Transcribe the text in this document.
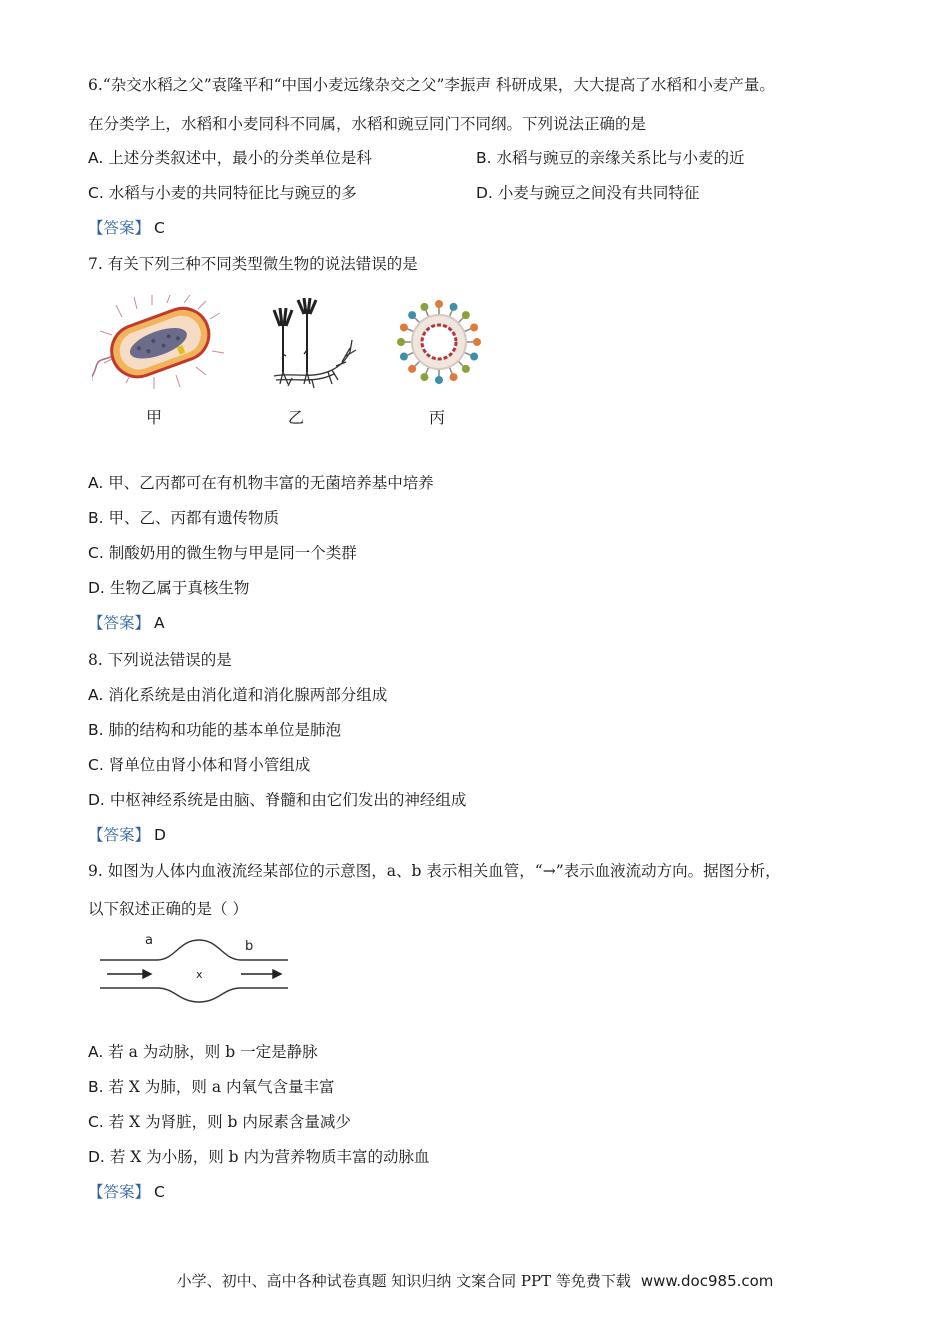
6.“杂交水稻之父”袁隆平和“中国小麦远缘杂交之父”李振声 科研成果，大大提高了水稻和小麦产量。
在分类学上，水稻和小麦同科不同属，水稻和豌豆同门不同纲。下列说法正确的是
A. 上述分类叙述中，最小的分类单位是科	B. 水稻与豌豆的亲缘关系比与小麦的近
C. 水稻与小麦的共同特征比与豌豆的多	D. 小麦与豌豆之间没有共同特征
【答案】 C
7. 有关下列三种不同类型微生物的说法错误的是
甲	乙	丙
A. 甲、乙丙都可在有机物丰富的无菌培养基中培养
B. 甲、乙、丙都有遗传物质
C. 制酸奶用的微生物与甲是同一个类群
D. 生物乙属于真核生物
【答案】 A
8. 下列说法错误的是
A. 消化系统是由消化道和消化腺两部分组成
B. 肺的结构和功能的基本单位是肺泡
C. 肾单位由肾小体和肾小管组成
D. 中枢神经系统是由脑、脊髓和由它们发出的神经组成
【答案】 D
9. 如图为人体内血液流经某部位的示意图，a、b 表示相关血管，“→”表示血液流动方向。据图分析，
以下叙述正确的是（ ）
a	b
x
A. 若 a 为动脉，则 b 一定是静脉
B. 若 X 为肺，则 a 内氧气含量丰富
C. 若 X 为肾脏，则 b 内尿素含量减少
D. 若 X 为小肠，则 b 内为营养物质丰富的动脉血
【答案】 C
小学、初中、高中各种试卷真题 知识归纳 文案合同 PPT 等免费下载 www.doc985.com
